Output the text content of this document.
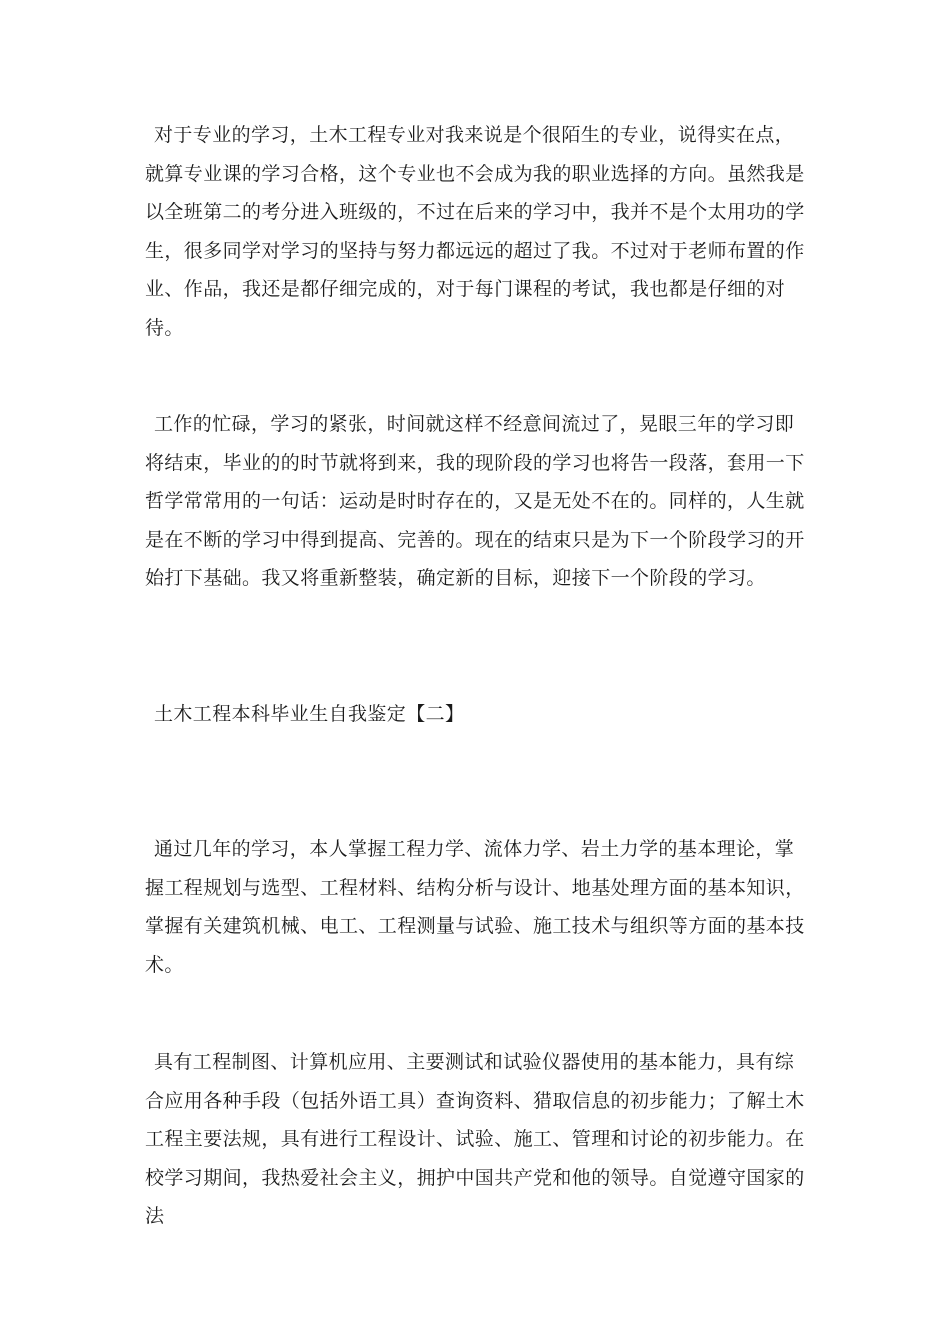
对于专业的学习，土木工程专业对我来说是个很陌生的专业，说得实在点，就算专业课的学习合格，这个专业也不会成为我的职业选择的方向。虽然我是以全班第二的考分进入班级的，不过在后来的学习中，我并不是个太用功的学生，很多同学对学习的坚持与努力都远远的超过了我。不过对于老师布置的作业、作品，我还是都仔细完成的，对于每门课程的考试，我也都是仔细的对待。

工作的忙碌，学习的紧张，时间就这样不经意间流过了，晃眼三年的学习即将结束，毕业的的时节就将到来，我的现阶段的学习也将告一段落，套用一下哲学常常用的一句话：运动是时时存在的，又是无处不在的。同样的，人生就是在不断的学习中得到提高、完善的。现在的结束只是为下一个阶段学习的开始打下基础。我又将重新整装，确定新的目标，迎接下一个阶段的学习。

土木工程本科毕业生自我鉴定【二】

通过几年的学习，本人掌握工程力学、流体力学、岩土力学的基本理论，掌握工程规划与选型、工程材料、结构分析与设计、地基处理方面的基本知识，掌握有关建筑机械、电工、工程测量与试验、施工技术与组织等方面的基本技术。

具有工程制图、计算机应用、主要测试和试验仪器使用的基本能力，具有综合应用各种手段（包括外语工具）查询资料、猎取信息的初步能力；了解土木工程主要法规，具有进行工程设计、试验、施工、管理和讨论的初步能力。在校学习期间，我热爱社会主义，拥护中国共产党和他的领导。自觉遵守国家的法
